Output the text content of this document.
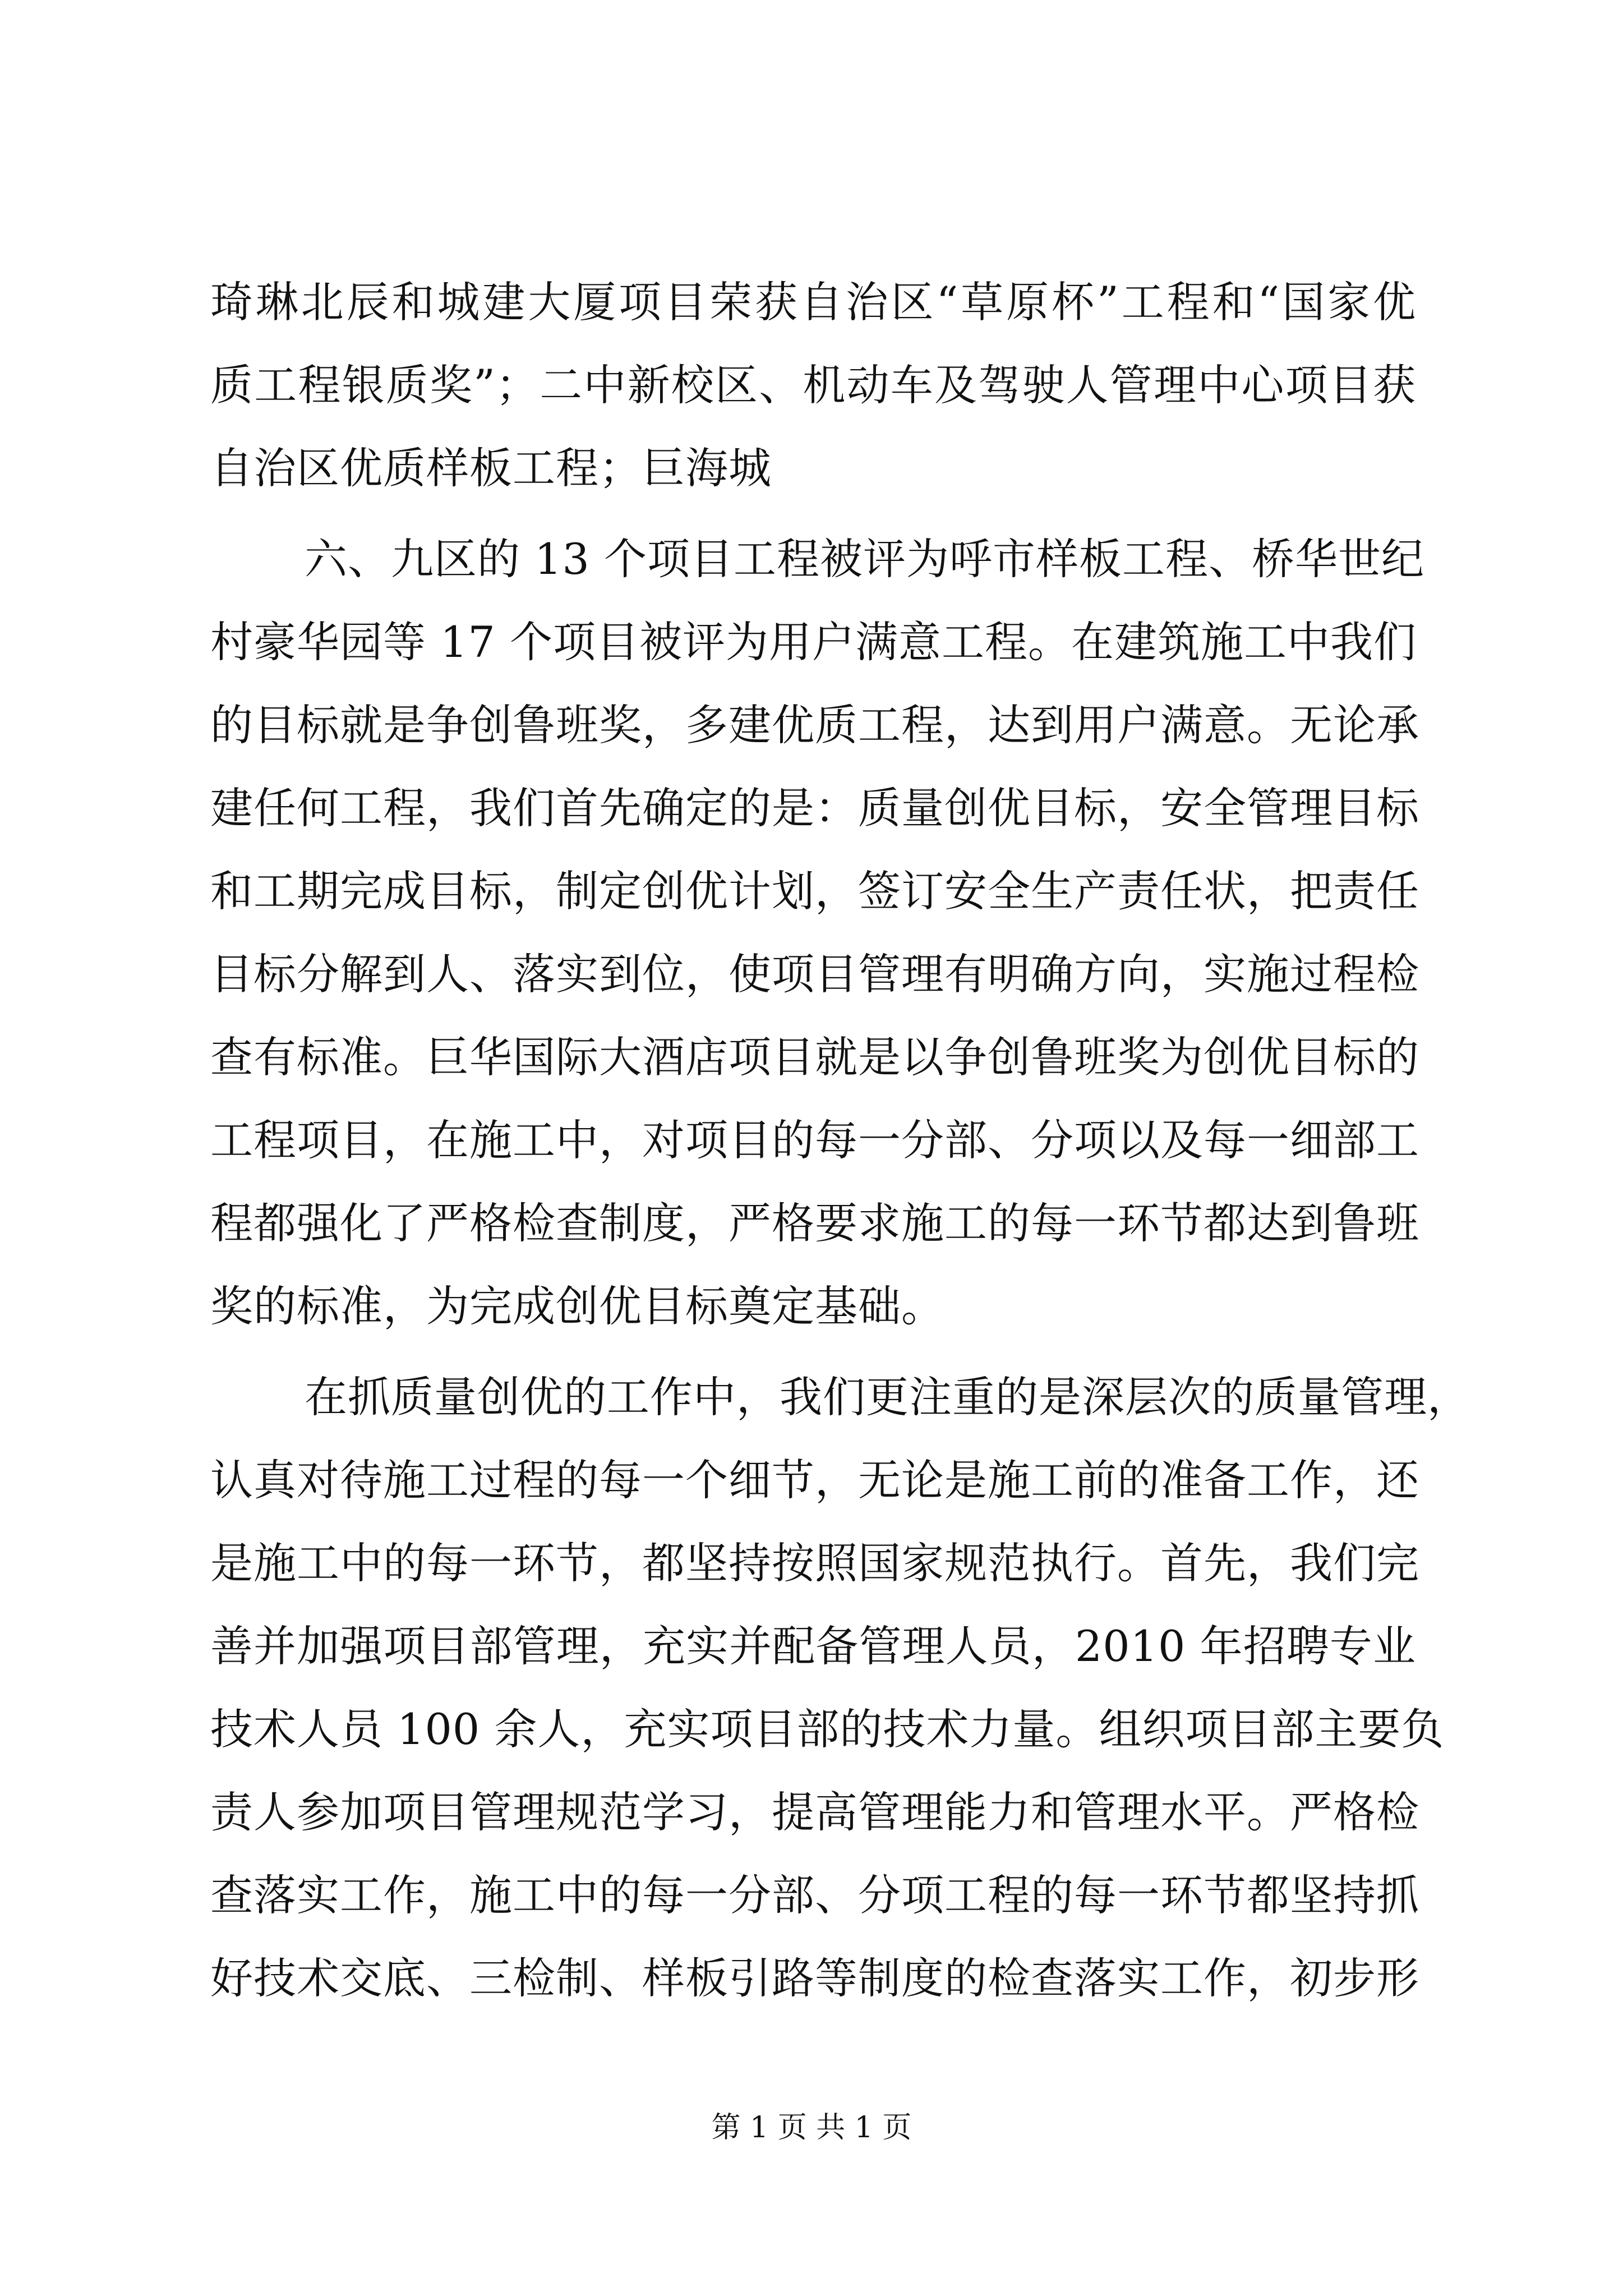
琦琳北辰和城建大厦项目荣获自治区“草原杯”工程和“国家优
质工程银质奖”；二中新校区、机动车及驾驶人管理中心项目获
自治区优质样板工程；巨海城
六、九区的 13 个项目工程被评为呼市样板工程、桥华世纪
村豪华园等 17 个项目被评为用户满意工程。在建筑施工中我们
的目标就是争创鲁班奖，多建优质工程，达到用户满意。无论承
建任何工程，我们首先确定的是：质量创优目标，安全管理目标
和工期完成目标，制定创优计划，签订安全生产责任状，把责任
目标分解到人、落实到位，使项目管理有明确方向，实施过程检
查有标准。巨华国际大酒店项目就是以争创鲁班奖为创优目标的
工程项目，在施工中，对项目的每一分部、分项以及每一细部工
程都强化了严格检查制度，严格要求施工的每一环节都达到鲁班
奖的标准，为完成创优目标奠定基础。
在抓质量创优的工作中，我们更注重的是深层次的质量管理，
认真对待施工过程的每一个细节，无论是施工前的准备工作，还
是施工中的每一环节，都坚持按照国家规范执行。首先，我们完
善并加强项目部管理，充实并配备管理人员，2010 年招聘专业
技术人员 100 余人，充实项目部的技术力量。组织项目部主要负
责人参加项目管理规范学习，提高管理能力和管理水平。严格检
查落实工作，施工中的每一分部、分项工程的每一环节都坚持抓
好技术交底、三检制、样板引路等制度的检查落实工作，初步形
第 1 页 共 1 页
